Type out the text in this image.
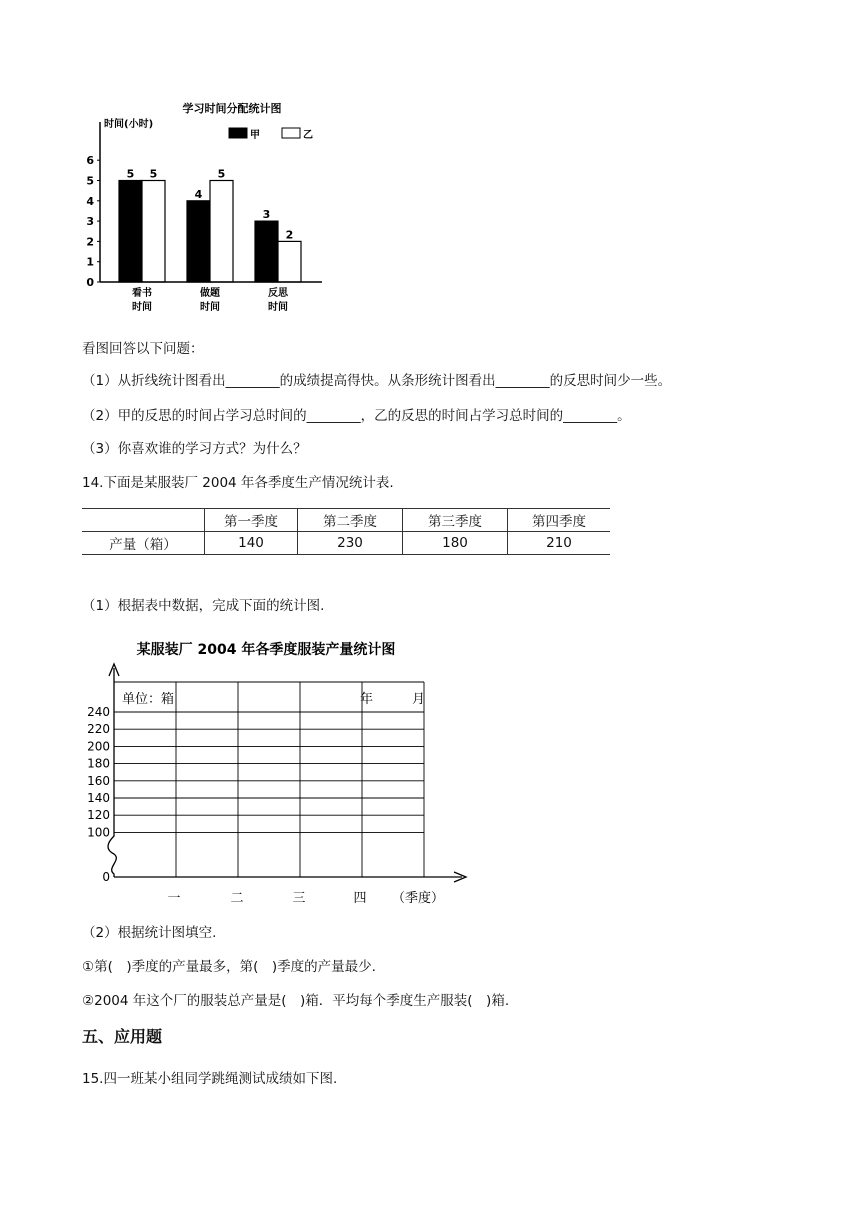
学习时间分配统计图
时间(小时)
甲	乙
0
1
2
3
4
5
6
5 5
4
5
3
2
看书
时间
做题
时间
反思
时间
看图回答以下问题：
（1）从折线统计图看出________的成绩提高得快。从条形统计图看出________的反思时间少一些。
（2）甲的反思的时间占学习总时间的________，乙的反思的时间占学习总时间的________。
（3）你喜欢谁的学习方式？为什么？
14.下面是某服装厂 2004 年各季度生产情况统计表.
	第一季度	第二季度	第三季度	第四季度
产量（箱）	140	230	180	210
（1）根据表中数据，完成下面的统计图.
某服装厂 2004 年各季度服装产量统计图
单位：箱	年	月
240
220
200
180
160
140
120
100
0
一	二	三	四 （季度）
（2）根据统计图填空.
①第(　)季度的产量最多，第(　)季度的产量最少.
②2004 年这个厂的服装总产量是(　)箱．平均每个季度生产服装(　)箱.
五、应用题
15.四一班某小组同学跳绳测试成绩如下图.
